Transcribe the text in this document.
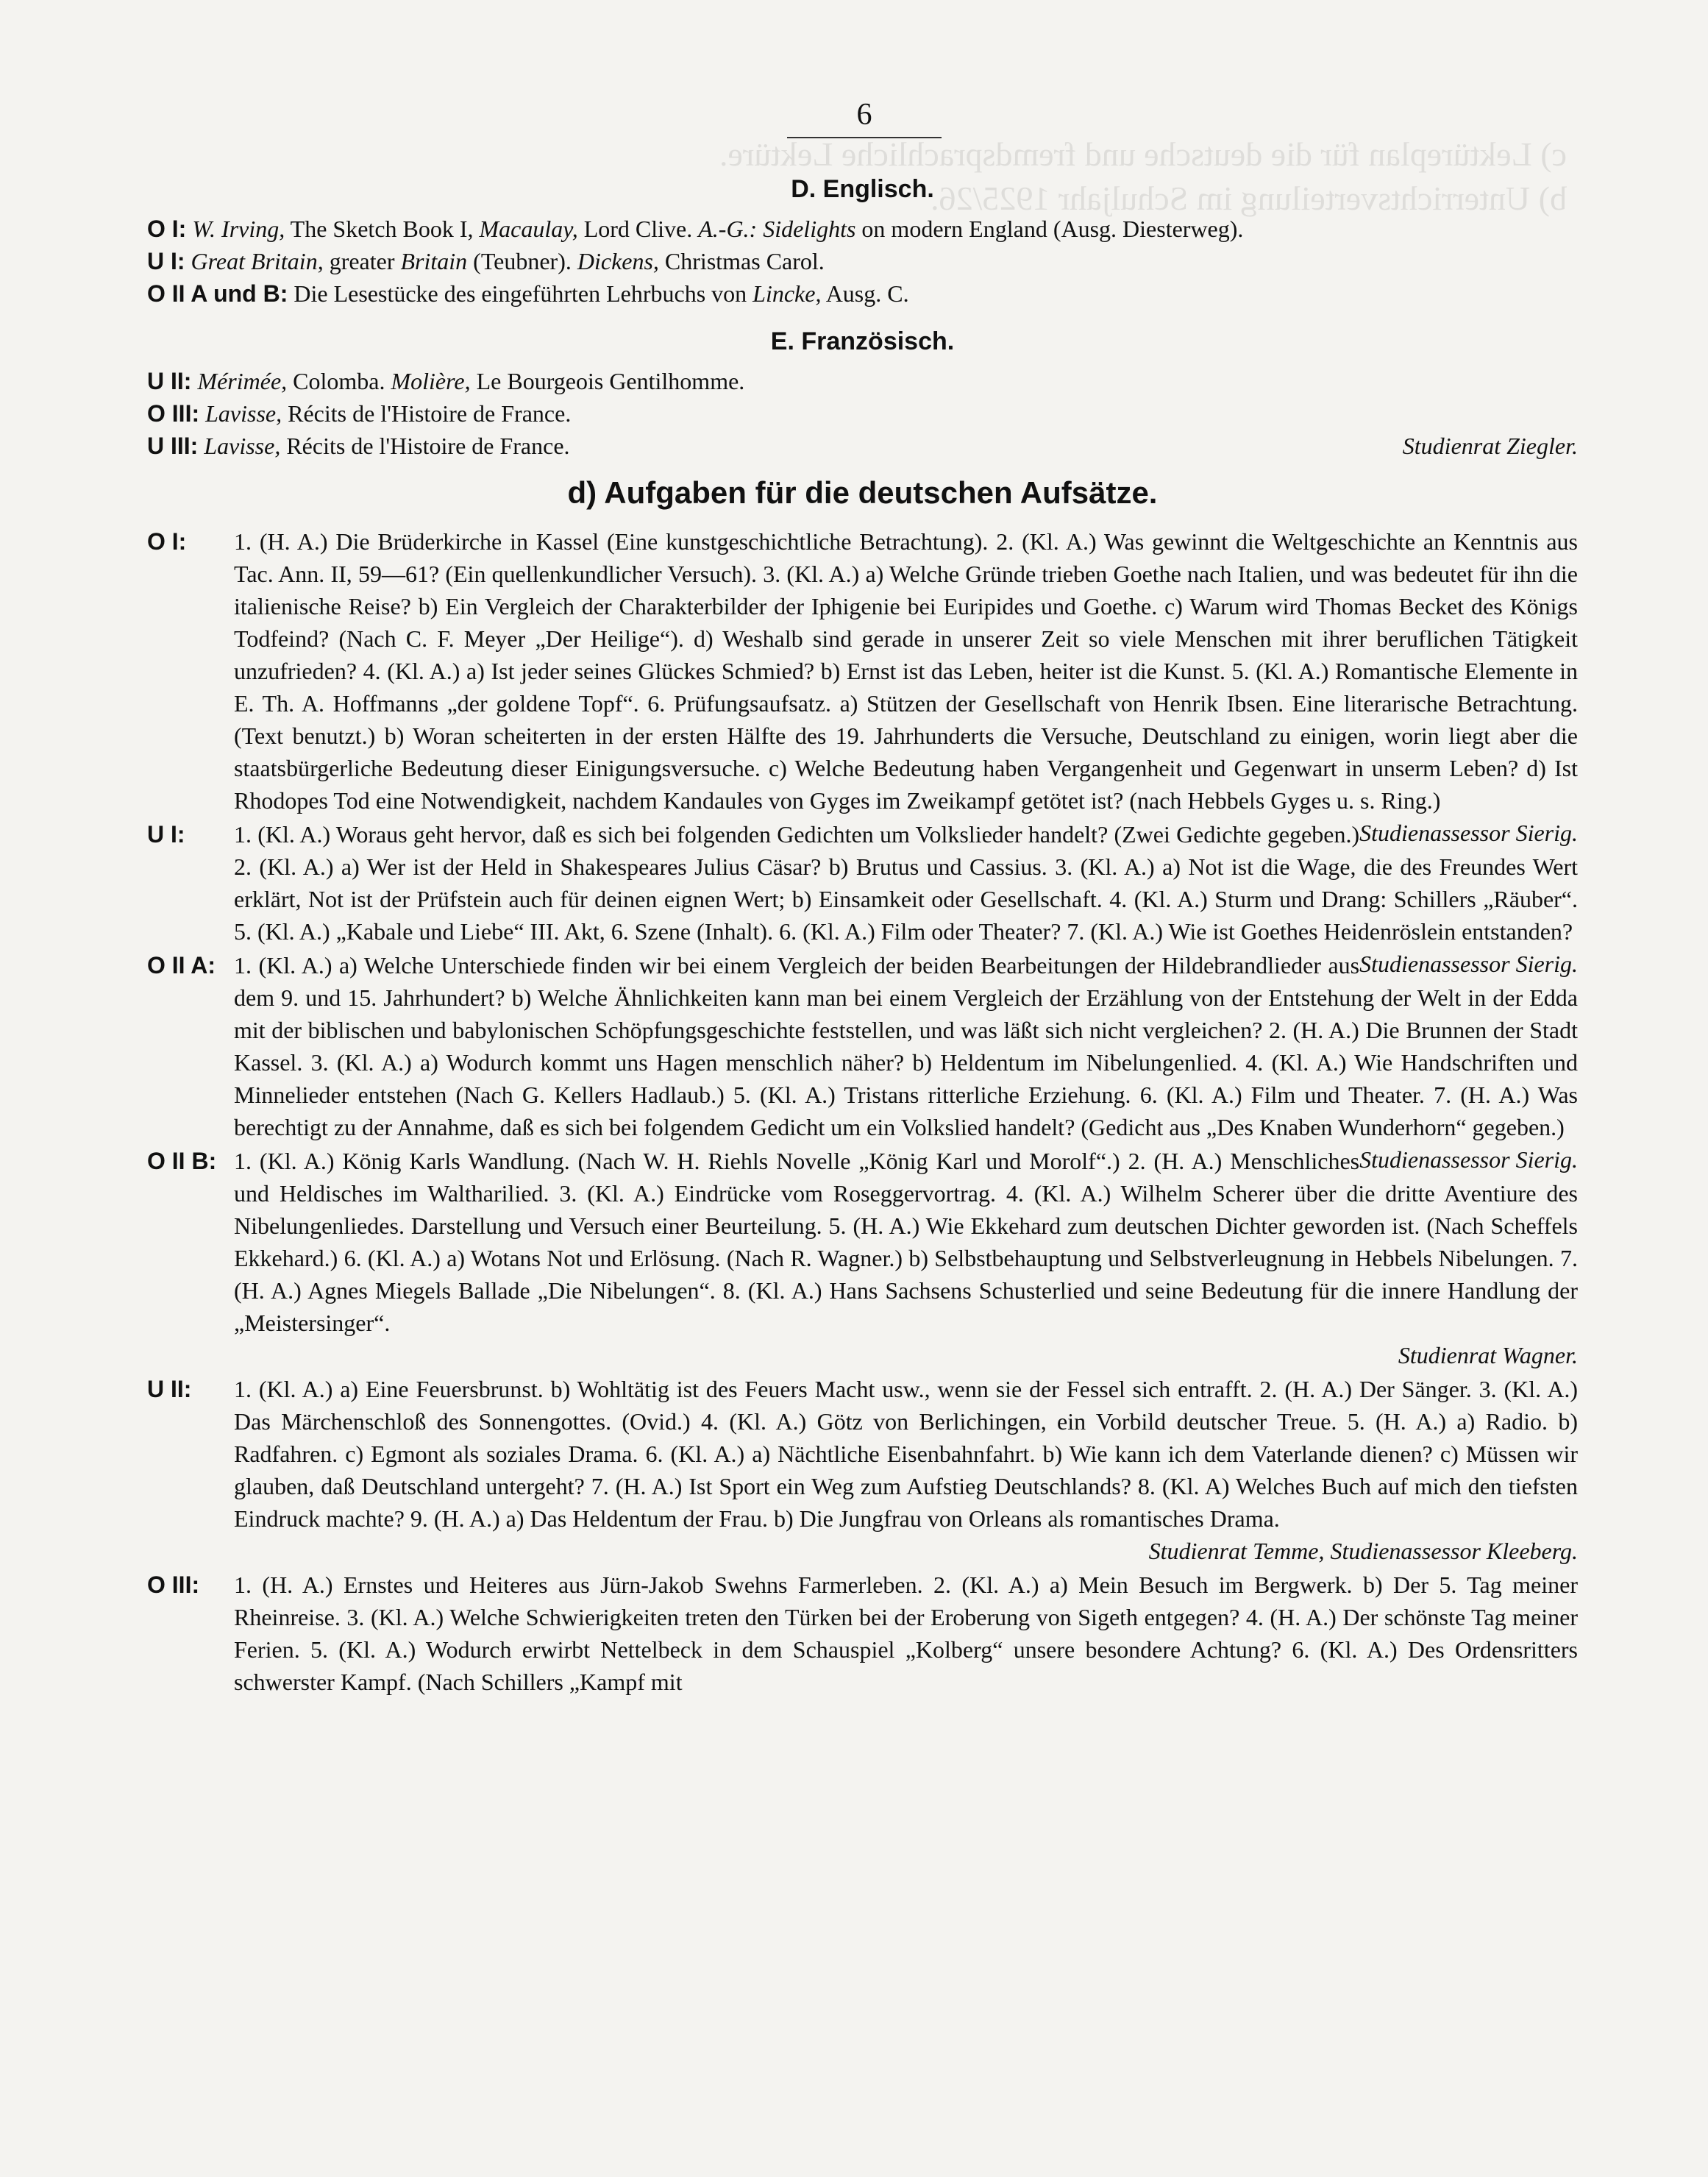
c) Lektüreplan für die deutsche und fremdsprachliche Lektüre.
b) Unterrichtsverteilung im Schuljahr 1925/26.
6
D. Englisch.
O I: W. Irving, The Sketch Book I, Macaulay, Lord Clive. A.-G.: Sidelights on modern England (Ausg. Diesterweg).
U I: Great Britain, greater Britain (Teubner). Dickens, Christmas Carol.
O II A und B: Die Lesestücke des eingeführten Lehrbuchs von Lincke, Ausg. C.
E. Französisch.
U II: Mérimée, Colomba. Molière, Le Bourgeois Gentilhomme.
O III: Lavisse, Récits de l'Histoire de France.
Studienrat Ziegler.
U III: Lavisse, Récits de l'Histoire de France.
d) Aufgaben für die deutschen Aufsätze.
O I: 1. (H. A.) Die Brüderkirche in Kassel (Eine kunstgeschichtliche Betrachtung). 2. (Kl. A.) Was gewinnt die Weltgeschichte an Kenntnis aus Tac. Ann. II, 59—61? (Ein quellenkundlicher Versuch). 3. (Kl. A.) a) Welche Gründe trieben Goethe nach Italien, und was bedeutet für ihn die italienische Reise? b) Ein Vergleich der Charakterbilder der Iphigenie bei Euripides und Goethe. c) Warum wird Thomas Becket des Königs Todfeind? (Nach C. F. Meyer „Der Heilige“). d) Weshalb sind gerade in unserer Zeit so viele Menschen mit ihrer beruflichen Tätigkeit unzufrieden? 4. (Kl. A.) a) Ist jeder seines Glückes Schmied? b) Ernst ist das Leben, heiter ist die Kunst. 5. (Kl. A.) Romantische Elemente in E. Th. A. Hoffmanns „der goldene Topf“. 6. Prüfungsaufsatz. a) Stützen der Gesellschaft von Henrik Ibsen. Eine literarische Betrachtung. (Text benutzt.) b) Woran scheiterten in der ersten Hälfte des 19. Jahrhunderts die Versuche, Deutschland zu einigen, worin liegt aber die staatsbürgerliche Bedeutung dieser Einigungsversuche. c) Welche Bedeutung haben Vergangenheit und Gegenwart in unserm Leben? d) Ist Rhodopes Tod eine Notwendigkeit, nachdem Kandaules von Gyges im Zweikampf getötet ist? (nach Hebbels Gyges u. s. Ring.)
Studienassessor Sierig.
U I: 1. (Kl. A.) Woraus geht hervor, daß es sich bei folgenden Gedichten um Volkslieder handelt? (Zwei Gedichte gegeben.) 2. (Kl. A.) a) Wer ist der Held in Shakespeares Julius Cäsar? b) Brutus und Cassius. 3. (Kl. A.) a) Not ist die Wage, die des Freundes Wert erklärt, Not ist der Prüfstein auch für deinen eignen Wert; b) Einsamkeit oder Gesellschaft. 4. (Kl. A.) Sturm und Drang: Schillers „Räuber“. 5. (Kl. A.) „Kabale und Liebe“ III. Akt, 6. Szene (Inhalt). 6. (Kl. A.) Film oder Theater? 7. (Kl. A.) Wie ist Goethes Heidenröslein entstanden?
Studienassessor Sierig.
O II A: 1. (Kl. A.) a) Welche Unterschiede finden wir bei einem Vergleich der beiden Bearbeitungen der Hildebrandlieder aus dem 9. und 15. Jahrhundert? b) Welche Ähnlichkeiten kann man bei einem Vergleich der Erzählung von der Entstehung der Welt in der Edda mit der biblischen und babylonischen Schöpfungsgeschichte feststellen, und was läßt sich nicht vergleichen? 2. (H. A.) Die Brunnen der Stadt Kassel. 3. (Kl. A.) a) Wodurch kommt uns Hagen menschlich näher? b) Heldentum im Nibelungenlied. 4. (Kl. A.) Wie Handschriften und Minnelieder entstehen (Nach G. Kellers Hadlaub.) 5. (Kl. A.) Tristans ritterliche Erziehung. 6. (Kl. A.) Film und Theater. 7. (H. A.) Was berechtigt zu der Annahme, daß es sich bei folgendem Gedicht um ein Volkslied handelt? (Gedicht aus „Des Knaben Wunderhorn“ gegeben.)
Studienassessor Sierig.
O II B: 1. (Kl. A.) König Karls Wandlung. (Nach W. H. Riehls Novelle „König Karl und Morolf“.) 2. (H. A.) Menschliches und Heldisches im Waltharilied. 3. (Kl. A.) Eindrücke vom Roseggervortrag. 4. (Kl. A.) Wilhelm Scherer über die dritte Aventiure des Nibelungenliedes. Darstellung und Versuch einer Beurteilung. 5. (H. A.) Wie Ekkehard zum deutschen Dichter geworden ist. (Nach Scheffels Ekkehard.) 6. (Kl. A.) a) Wotans Not und Erlösung. (Nach R. Wagner.) b) Selbstbehauptung und Selbstverleugnung in Hebbels Nibelungen. 7. (H. A.) Agnes Miegels Ballade „Die Nibelungen“. 8. (Kl. A.) Hans Sachsens Schusterlied und seine Bedeutung für die innere Handlung der „Meistersinger“.
Studienrat Wagner.
U II: 1. (Kl. A.) a) Eine Feuersbrunst. b) Wohltätig ist des Feuers Macht usw., wenn sie der Fessel sich entrafft. 2. (H. A.) Der Sänger. 3. (Kl. A.) Das Märchenschloß des Sonnengottes. (Ovid.) 4. (Kl. A.) Götz von Berlichingen, ein Vorbild deutscher Treue. 5. (H. A.) a) Radio. b) Radfahren. c) Egmont als soziales Drama. 6. (Kl. A.) a) Nächtliche Eisenbahnfahrt. b) Wie kann ich dem Vaterlande dienen? c) Müssen wir glauben, daß Deutschland untergeht? 7. (H. A.) Ist Sport ein Weg zum Aufstieg Deutschlands? 8. (Kl. A) Welches Buch auf mich den tiefsten Eindruck machte? 9. (H. A.) a) Das Heldentum der Frau. b) Die Jungfrau von Orleans als romantisches Drama.
Studienrat Temme, Studienassessor Kleeberg.
O III: 1. (H. A.) Ernstes und Heiteres aus Jürn-Jakob Swehns Farmerleben. 2. (Kl. A.) a) Mein Besuch im Bergwerk. b) Der 5. Tag meiner Rheinreise. 3. (Kl. A.) Welche Schwierigkeiten treten den Türken bei der Eroberung von Sigeth entgegen? 4. (H. A.) Der schönste Tag meiner Ferien. 5. (Kl. A.) Wodurch erwirbt Nettelbeck in dem Schauspiel „Kolberg“ unsere besondere Achtung? 6. (Kl. A.) Des Ordensritters schwerster Kampf. (Nach Schillers „Kampf mit
